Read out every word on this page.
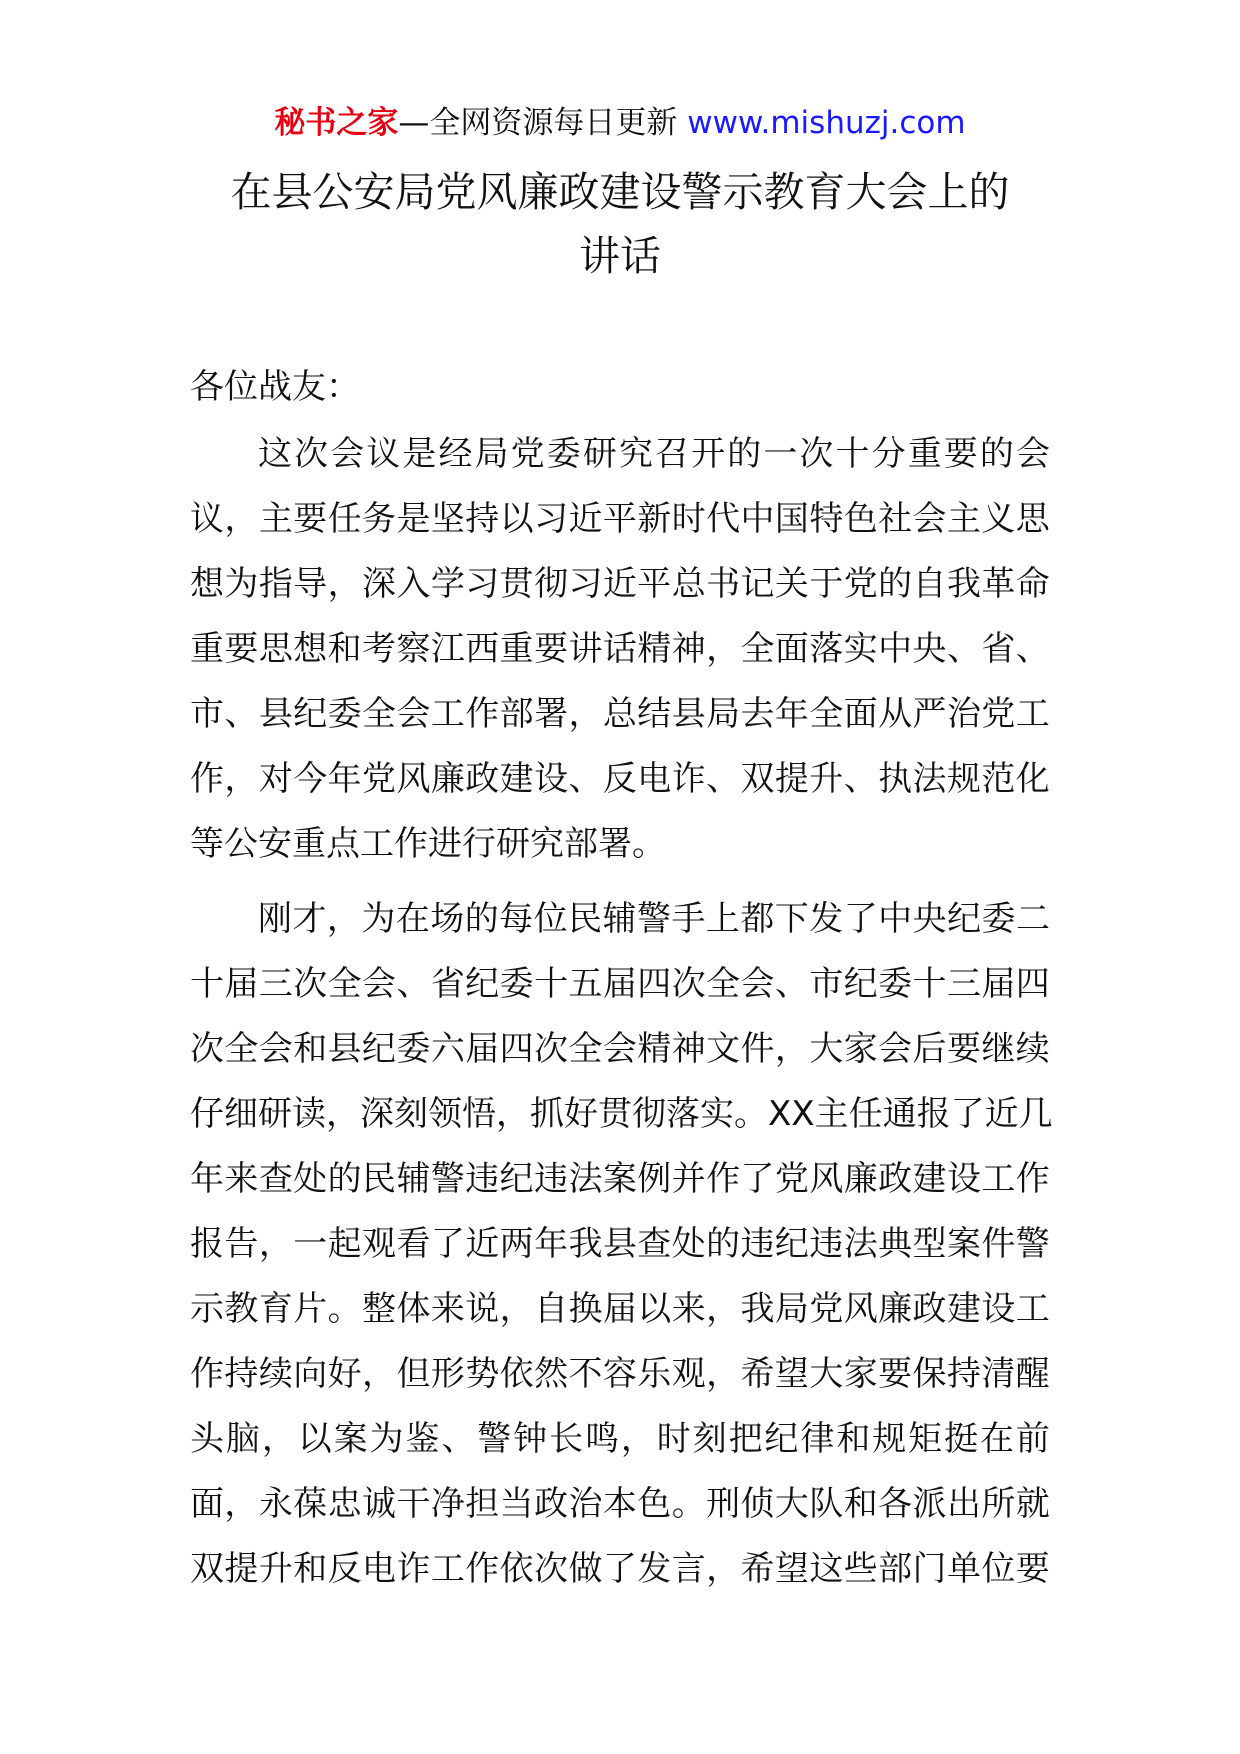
秘书之家—全网资源每日更新 www.mishuzj.com
在县公安局党风廉政建设警示教育大会上的
讲话
各位战友：
这 次 会 议 是 经 局 党 委 研 究 召 开 的 一 次 十 分 重 要 的 会
议 ， 主 要 任 务 是 坚 持 以 习 近 平 新 时 代 中 国 特 色 社 会 主 义 思
想 为 指 导 ， 深 入 学 习 贯 彻 习 近 平 总 书 记 关 于 党 的 自 我 革 命
重 要 思 想 和 考 察 江 西 重 要 讲 话 精 神 ， 全 面 落 实 中 央 、 省 、
市 、 县 纪 委 全 会 工 作 部 署 ， 总 结 县 局 去 年 全 面 从 严 治 党 工
作 ， 对 今 年 党 风 廉 政 建 设 、 反 电 诈 、 双 提 升 、 执 法 规 范 化
等公安重点工作进行研究部署。
刚 才 ， 为 在 场 的 每 位 民 辅 警 手 上 都 下 发 了 中 央 纪 委 二
十 届 三 次 全 会 、 省 纪 委 十 五 届 四 次 全 会 、 市 纪 委 十 三 届 四
次 全 会 和 县 纪 委 六 届 四 次 全 会 精 神 文 件 ， 大 家 会 后 要 继 续
仔 细 研 读 ， 深 刻 领 悟 ， 抓 好 贯 彻 落 实 。 X X 主 任 通 报 了 近 几
年 来 查 处 的 民 辅 警 违 纪 违 法 案 例 并 作 了 党 风 廉 政 建 设 工 作
报 告 ， 一 起 观 看 了 近 两 年 我 县 查 处 的 违 纪 违 法 典 型 案 件 警
示 教 育 片 。 整 体 来 说 ， 自 换 届 以 来 ， 我 局 党 风 廉 政 建 设 工
作 持 续 向 好 ， 但 形 势 依 然 不 容 乐 观 ， 希 望 大 家 要 保 持 清 醒
头 脑 ， 以 案 为 鉴 、 警 钟 长 鸣 ， 时 刻 把 纪 律 和 规 矩 挺 在 前
面 ， 永 葆 忠 诚 干 净 担 当 政 治 本 色 。 刑 侦 大 队 和 各 派 出 所 就
双 提 升 和 反 电 诈 工 作 依 次 做 了 发 言 ， 希 望 这 些 部 门 单 位 要
